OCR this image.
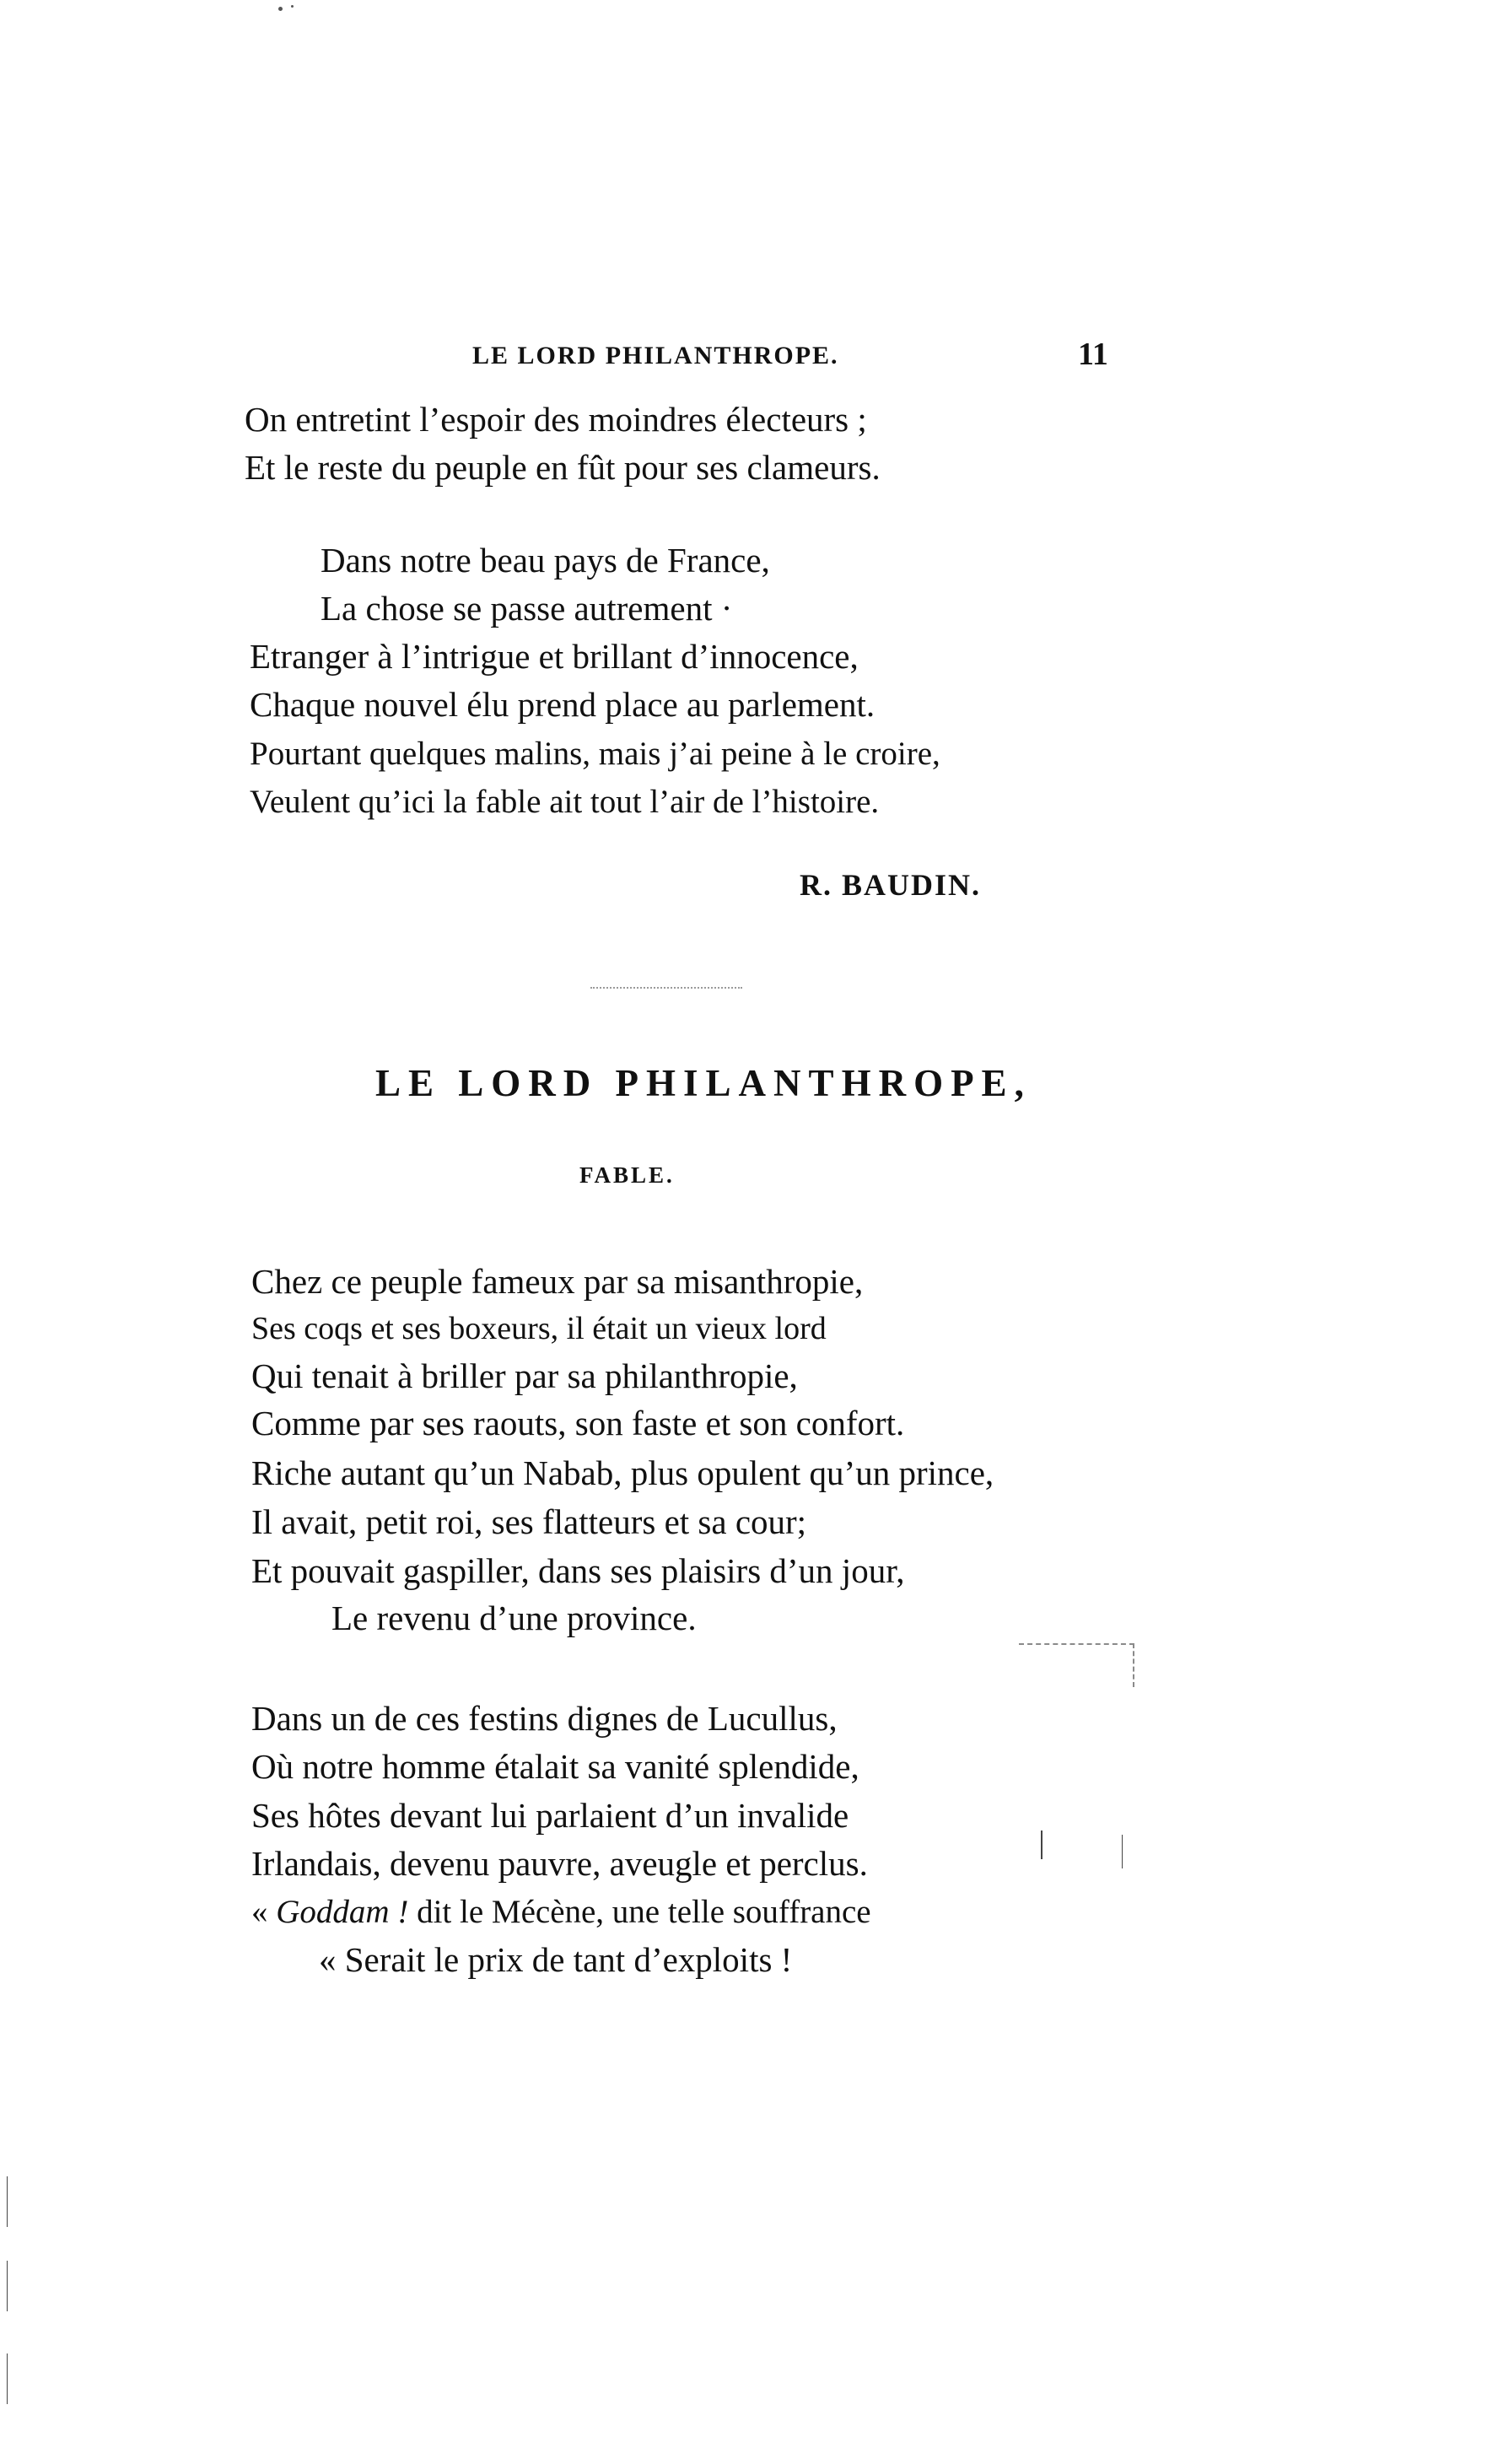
LE LORD PHILANTHROPE.	11
On entretint l’espoir des moindres électeurs ;
Et le reste du peuple en fût pour ses clameurs.
Dans notre beau pays de France,
La chose se passe autrement ·
Etranger à l’intrigue et brillant d’innocence,
Chaque nouvel élu prend place au parlement.
Pourtant quelques malins, mais j’ai peine à le croire,
Veulent qu’ici la fable ait tout l’air de l’histoire.
R. BAUDIN.
LE LORD PHILANTHROPE,
FABLE.
Chez ce peuple fameux par sa misanthropie,
Ses coqs et ses boxeurs, il était un vieux lord
Qui tenait à briller par sa philanthropie,
Comme par ses raouts, son faste et son confort.
Riche autant qu’un Nabab, plus opulent qu’un prince,
Il avait, petit roi, ses flatteurs et sa cour;
Et pouvait gaspiller, dans ses plaisirs d’un jour,
Le revenu d’une province.
Dans un de ces festins dignes de Lucullus,
Où notre homme étalait sa vanité splendide,
Ses hôtes devant lui parlaient d’un invalide
Irlandais, devenu pauvre, aveugle et perclus.
« Goddam ! dit le Mécène, une telle souffrance
« Serait le prix de tant d’exploits !
